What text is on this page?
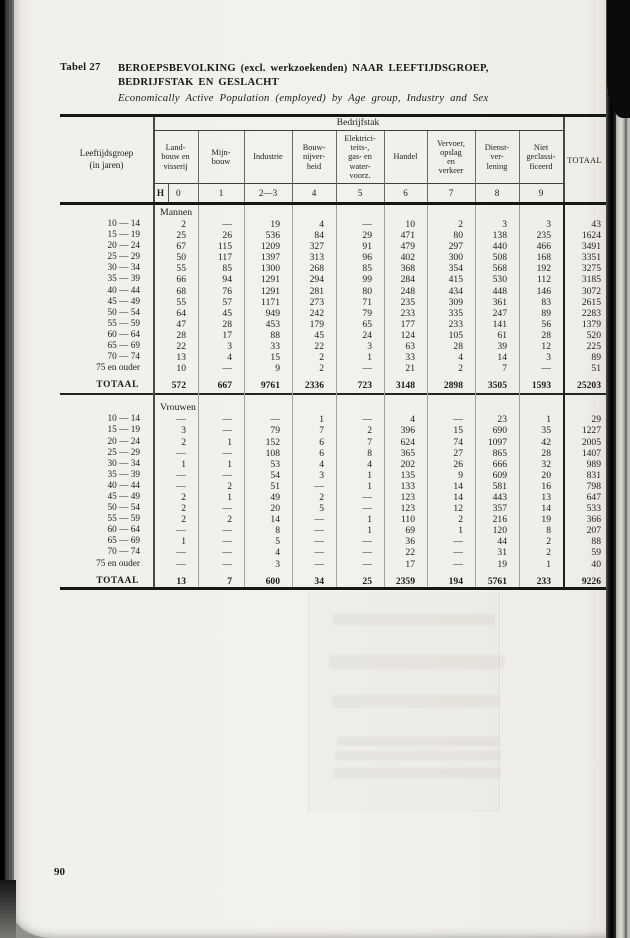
Tabel 27	BEROEPSBEVOLKING (excl. werkzoekenden) NAAR LEEFTIJDSGROEP,
BEDRIJFSTAK EN GESLACHT
Economically Active Population (employed) by Age group, Industry and Sex
Leeftijdsgroep
(in jaren)
Bedrijfstak
Land-
bouw en
visserij
Mijn-
bouw
Industrie
Bouw-
nijver-
heid
Elektrici-
teits-,
gas- en
water-
voorz.
Handel
Vervoer,
opslag
en
verkeer
Dienst-
ver-
lening
Niet
geclassi-
ficeerd
H	0	1	2—3	4	5	6	7	8	9
TOTAAL
Mannen
10 — 14	2	—	19	4	—	10	2	3	3	43
15 — 19	25	26	536	84	29	471	80	138	235	1624
20 — 24	67	115	1209	327	91	479	297	440	466	3491
25 — 29	50	117	1397	313	96	402	300	508	168	3351
30 — 34	55	85	1300	268	85	368	354	568	192	3275
35 — 39	66	94	1291	294	99	284	415	530	112	3185
40 — 44	68	76	1291	281	80	248	434	448	146	3072
45 — 49	55	57	1171	273	71	235	309	361	83	2615
50 — 54	64	45	949	242	79	233	335	247	89	2283
55 — 59	47	28	453	179	65	177	233	141	56	1379
60 — 64	28	17	88	45	24	124	105	61	28	520
65 — 69	22	3	33	22	3	63	28	39	12	225
70 — 74	13	4	15	2	1	33	4	14	3	89
75 en ouder	10	—	9	2	—	21	2	7	—	51
TOTAAL	572	667	9761	2336	723	3148	2898	3505	1593	25203
Vrouwen
10 — 14	—	—	—	1	—	4	—	23	1	29
15 — 19	3	—	79	7	2	396	15	690	35	1227
20 — 24	2	1	152	6	7	624	74	1097	42	2005
25 — 29	—	—	108	6	8	365	27	865	28	1407
30 — 34	1	1	53	4	4	202	26	666	32	989
35 — 39	—	—	54	3	1	135	9	609	20	831
40 — 44	—	2	51	—	1	133	14	581	16	798
45 — 49	2	1	49	2	—	123	14	443	13	647
50 — 54	2	—	20	5	—	123	12	357	14	533
55 — 59	2	2	14	—	1	110	2	216	19	366
60 — 64	—	—	8	—	1	69	1	120	8	207
65 — 69	1	—	5	—	—	36	—	44	2	88
70 — 74	—	—	4	—	—	22	—	31	2	59
75 en ouder	—	—	3	—	—	17	—	19	1	40
TOTAAL	13	7	600	34	25	2359	194	5761	233	9226
90
